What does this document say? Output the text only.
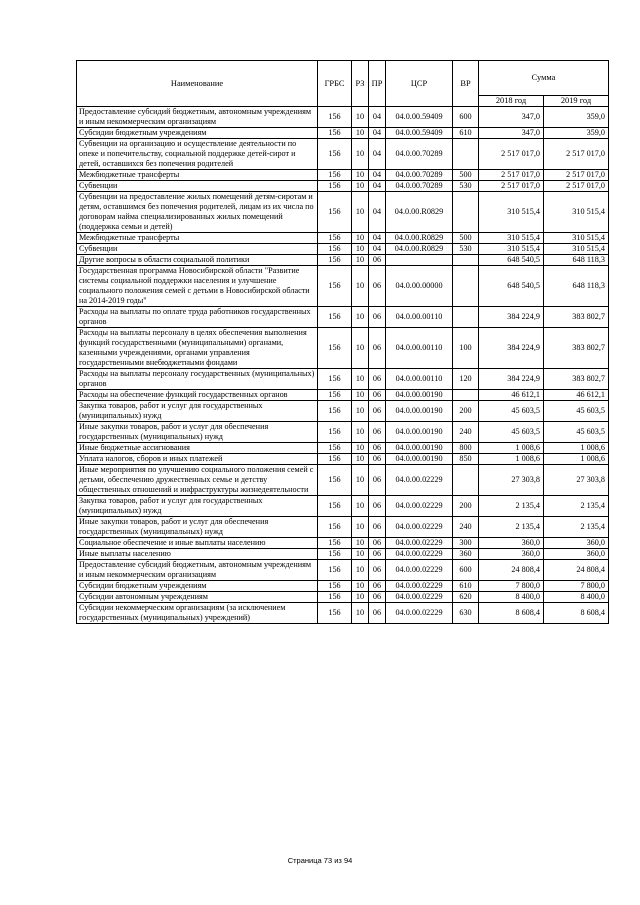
Наименование	ГРБС	РЗ	ПР	ЦСР	ВР	Сумма	
						2018 год	2019 год
Предоставление субсидий бюджетным, автономным учреждениям и иным некоммерческим организациям	156	10	04	04.0.00.59409	600	347,0	359,0
Субсидии бюджетным учреждениям	156	10	04	04.0.00.59409	610	347,0	359,0
Субвенции на организацию и осуществление деятельности по опеке и попечительству, социальной поддержке детей-сирот и детей, оставшихся без попечения родителей	156	10	04	04.0.00.70289		2 517 017,0	2 517 017,0
Межбюджетные трансферты	156	10	04	04.0.00.70289	500	2 517 017,0	2 517 017,0
Субвенции	156	10	04	04.0.00.70289	530	2 517 017,0	2 517 017,0
Субвенции на предоставление жилых помещений детям-сиротам и детям, оставшимся без попечения родителей, лицам из их числа по договорам найма специализированных жилых помещений (поддержка семьи и детей)	156	10	04	04.0.00.R0829		310 515,4	310 515,4
Межбюджетные трансферты	156	10	04	04.0.00.R0829	500	310 515,4	310 515,4
Субвенции	156	10	04	04.0.00.R0829	530	310 515,4	310 515,4
Другие вопросы в области социальной политики	156	10	06			648 540,5	648 118,3
Государственная программа Новосибирской области "Развитие системы социальной поддержки населения и улучшение социального положения семей с детьми в Новосибирской области на 2014-2019 годы"	156	10	06	04.0.00.00000		648 540,5	648 118,3
Расходы на выплаты по оплате труда работников государственных органов	156	10	06	04.0.00.00110		384 224,9	383 802,7
Расходы на выплаты персоналу в целях обеспечения выполнения функций государственными (муниципальными) органами, казенными учреждениями, органами управления государственными внебюджетными фондами	156	10	06	04.0.00.00110	100	384 224,9	383 802,7
Расходы на выплаты персоналу государственных (муниципальных) органов	156	10	06	04.0.00.00110	120	384 224,9	383 802,7
Расходы на обеспечение функций государственных органов	156	10	06	04.0.00.00190		46 612,1	46 612,1
Закупка товаров, работ и услуг для государственных (муниципальных) нужд	156	10	06	04.0.00.00190	200	45 603,5	45 603,5
Иные закупки товаров, работ и услуг для обеспечения государственных (муниципальных) нужд	156	10	06	04.0.00.00190	240	45 603,5	45 603,5
Иные бюджетные ассигнования	156	10	06	04.0.00.00190	800	1 008,6	1 008,6
Уплата налогов, сборов и иных платежей	156	10	06	04.0.00.00190	850	1 008,6	1 008,6
Иные мероприятия по улучшению социального положения семей с детьми, обеспечению дружественных семье и детству общественных отношений и инфраструктуры жизнедеятельности	156	10	06	04.0.00.02229		27 303,8	27 303,8
Закупка товаров, работ и услуг для государственных (муниципальных) нужд	156	10	06	04.0.00.02229	200	2 135,4	2 135,4
Иные закупки товаров, работ и услуг для обеспечения государственных (муниципальных) нужд	156	10	06	04.0.00.02229	240	2 135,4	2 135,4
Социальное обеспечение и иные выплаты населению	156	10	06	04.0.00.02229	300	360,0	360,0
Иные выплаты населению	156	10	06	04.0.00.02229	360	360,0	360,0
Предоставление субсидий бюджетным, автономным учреждениям и иным некоммерческим организациям	156	10	06	04.0.00.02229	600	24 808,4	24 808,4
Субсидии бюджетным учреждениям	156	10	06	04.0.00.02229	610	7 800,0	7 800,0
Субсидии автономным учреждениям	156	10	06	04.0.00.02229	620	8 400,0	8 400,0
Субсидии некоммерческим организациям (за исключением государственных (муниципальных) учреждений)	156	10	06	04.0.00.02229	630	8 608,4	8 608,4
Страница 73 из 94
